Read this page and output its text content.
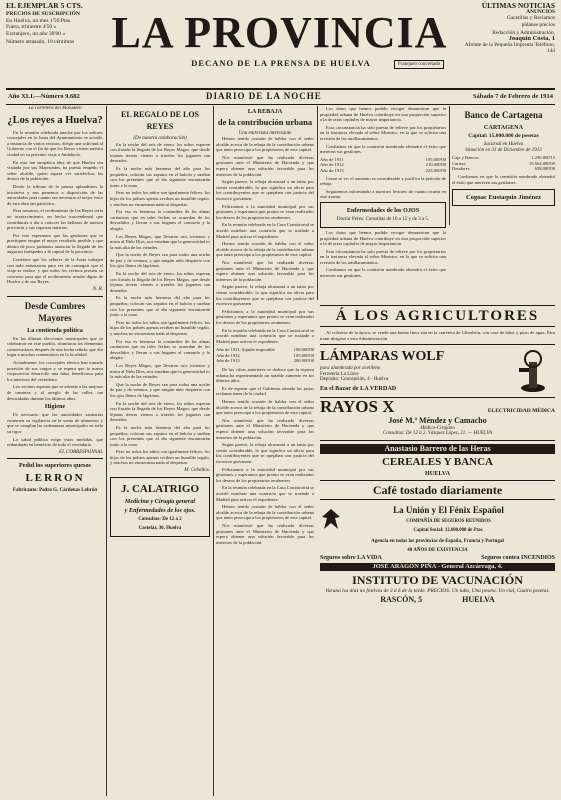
EL EJEMPLAR 5 CTS.
PRECIOS DE SUSCRIPCIÓN
En Huelva, un mes 1'50 Ptas.
Fuera, trimestre 4'50 »
Extranjero, un año 30'00 »
Número atrasado, 10 céntimos LA PROVINCIA
DECANO DE LA PRENSA DE HUELVA	Franqueo concertado
ÚLTIMAS NOTICIAS
ANUNCIOS
Gacetillas y Reclamos
pídanse precios
Redacción y Administración,
Joaquín Costa, 1
Afrente de la Pequeña Imprenta Teléfono, 144
Año XLI.—Número 9.682	DIARIO DE LA NOCHE	Sábado 7 de Febrero de 1914
La carretera del Matadero
¿Los reyes a Huelva?

En la reunión celebrada anoche por los señores concejales en la Junta del Ayuntamiento se acordó, a instancia de varios vecinos, dirigir una solicitud al Gobierno con el fin de que los Reyes visiten nuestra ciudad en su próximo viaje a Andalucía.

En esta tan simpática idea de que Huelva sea visitada por sus Majestades, ha puesto empeño el señor alcalde, quien espera ver satisfechos los deseos de la población.

Desde la tribuna de la prensa aplaudimos la iniciativa y nos ponemos a disposición de las autoridades para cuanto sea necesario al mejor éxito de esta obra tan patriótica.

Para nosotros, el recibimiento de los Reyes sería un acontecimiento, un hecho trascendental que contribuiría a dar a conocer las bellezas de nuestra provincia y sus riquezas mineras.

Por esto esperamos que las gestiones que se practiquen tengan el mejor resultado posible y que dentro de poco podamos anunciar la llegada de los augustos huéspedes a la capital de la provincia.

Conviene que los señores de la Junta trabajen con todo entusiasmo para ver de conseguir que el viaje se realice, y que todos los vecinos presten su concurso para que el recibimiento resulte digno de Huelva y de sus Reyes.

N. R.
Desde Cumbres Mayores
La contienda política

En las últimas elecciones municipales que se celebraron en este pueblo, triunfaron los elementos conservadores después de una lucha reñida, que dio lugar a muchos comentarios en la localidad.

Actualmente, los concejales electos han tomado posesión de sus cargos y se espera que la nueva corporación desarrolle una labor beneficiosa para los intereses del vecindario.

Los vecinos esperan que se atienda a las mejoras de caminos y al arreglo de las calles, tan descuidadas durante los últimos años.

Higiene

Es necesario que las autoridades sanitarias extremen su vigilancia en la venta de alimentos y que se cumplan las ordenanzas municipales en todo su rigor.

La salud pública exige estas medidas, que redundarán en beneficio de todo el vecindario.

EL CORRESPONSAL
Pedid los superiores quesos
LERRON
Fabricante: Pedro G. Cárdenas Lebrón
EL REGALO DE LOS REYES
(De nuestra colaboración)

En la noche del seis de enero, los niños esperan con ilusión la llegada de los Reyes Magos, que desde lejanas tierras vienen a traerles los juguetes tan deseados.

Es la noche más hermosa del año para los pequeños; colocan sus zapatos en el balcón y sueñan con los presentes que al día siguiente encontrarán junto a la cuna.

Pero no todos los niños son igualmente felices: los hijos de los pobres apenas reciben un humilde regalo, y muchos no encuentran nada al despertar.

Por eso es hermosa la costumbre de las almas caritativas que en tales fechas se acuerdan de los desvalidos y llevan a sus hogares el consuelo y la alegría.

Los Reyes Magos, que llevaron oro, incienso y mirra al Niño Dios, nos enseñan que la generosidad es la más alta de las virtudes.

Que la noche de Reyes sea para todos una noche de paz y de ventura, y que ningún niño despierte con los ojos llenos de lágrimas.

En la noche del seis de enero, los niños esperan con ilusión la llegada de los Reyes Magos, que desde lejanas tierras vienen a traerles los juguetes tan deseados.

Es la noche más hermosa del año para los pequeños; colocan sus zapatos en el balcón y sueñan con los presentes que al día siguiente encontrarán junto a la cuna.

Pero no todos los niños son igualmente felices: los hijos de los pobres apenas reciben un humilde regalo, y muchos no encuentran nada al despertar.

Por eso es hermosa la costumbre de las almas caritativas que en tales fechas se acuerdan de los desvalidos y llevan a sus hogares el consuelo y la alegría.

Los Reyes Magos, que llevaron oro, incienso y mirra al Niño Dios, nos enseñan que la generosidad es la más alta de las virtudes.

Que la noche de Reyes sea para todos una noche de paz y de ventura, y que ningún niño despierte con los ojos llenos de lágrimas.

En la noche del seis de enero, los niños esperan con ilusión la llegada de los Reyes Magos, que desde lejanas tierras vienen a traerles los juguetes tan deseados.

Es la noche más hermosa del año para los pequeños; colocan sus zapatos en el balcón y sueñan con los presentes que al día siguiente encontrarán junto a la cuna.

Pero no todos los niños son igualmente felices: los hijos de los pobres apenas reciben un humilde regalo, y muchos no encuentran nada al despertar.

M. Ceballos.
J. CALATRIGO
Medicina y Cirugía general
y Enfermedades de los ojos.
Consultas: De 12 á 2
Castelar, 30. Huelva
LA REBAJA
de la contribución urbana
Una entrevista interesante

Hemos tenido ocasión de hablar con el señor alcalde acerca de la rebaja de la contribución urbana que tanto preocupa a los propietarios de esta capital.

Nos manifestó que ha realizado diversas gestiones ante el Ministerio de Hacienda y que espera obtener una solución favorable para los intereses de la población.

Según parece, la rebaja alcanzará a un tanto por ciento considerable, lo que significa un alivio para los contribuyentes que se quejaban con justicia del excesivo gravamen.

Felicitamos a la autoridad municipal por sus gestiones y esperamos que pronto se vean realizados los deseos de los propietarios onubenses.

En la reunión celebrada en la Casa Consistorial se acordó nombrar una comisión que se traslade a Madrid para activar el expediente.

Hemos tenido ocasión de hablar con el señor alcalde acerca de la rebaja de la contribución urbana que tanto preocupa a los propietarios de esta capital.

Nos manifestó que ha realizado diversas gestiones ante el Ministerio de Hacienda y que espera obtener una solución favorable para los intereses de la población.

Según parece, la rebaja alcanzará a un tanto por ciento considerable, lo que significa un alivio para los contribuyentes que se quejaban con justicia del excesivo gravamen.

Felicitamos a la autoridad municipal por sus gestiones y esperamos que pronto se vean realizados los deseos de los propietarios onubenses.

En la reunión celebrada en la Casa Consistorial se acordó nombrar una comisión que se traslade a Madrid para activar el expediente.

Año de 1911, líquido imponible	190.000'00
Año de 1912	195.000'00
Año de 1913	200.000'00

De las cifras anteriores se deduce que la riqueza urbana ha experimentado un notable aumento en los últimos años.

Es de esperar que el Gobierno atienda las justas reclamaciones de la ciudad.

Hemos tenido ocasión de hablar con el señor alcalde acerca de la rebaja de la contribución urbana que tanto preocupa a los propietarios de esta capital.

Nos manifestó que ha realizado diversas gestiones ante el Ministerio de Hacienda y que espera obtener una solución favorable para los intereses de la población.

Según parece, la rebaja alcanzará a un tanto por ciento considerable, lo que significa un alivio para los contribuyentes que se quejaban con justicia del excesivo gravamen.

Felicitamos a la autoridad municipal por sus gestiones y esperamos que pronto se vean realizados los deseos de los propietarios onubenses.

En la reunión celebrada en la Casa Consistorial se acordó nombrar una comisión que se traslade a Madrid para activar el expediente.

Hemos tenido ocasión de hablar con el señor alcalde acerca de la rebaja de la contribución urbana que tanto preocupa a los propietarios de esta capital.

Nos manifestó que ha realizado diversas gestiones ante el Ministerio de Hacienda y que espera obtener una solución favorable para los intereses de la población.

Los datos que hemos podido recoger demuestran que la propiedad urbana de Huelva contribuye en una proporción superior a la de otras capitales de mayor importancia.

Esta circunstancia ha sido puesta de relieve por los propietarios en la instancia elevada al señor Ministro, en la que se solicita una revisión de los amillaramientos.

Confiamos en que la comisión nombrada obtendrá el éxito que merecen sus gestiones.

Año de 1911	195.000'00
Año de 1912	210.000'00
Año de 1913	225.000'00

Como se ve, el aumento es considerable y justifica la petición de rebaja.

Seguiremos informando a nuestros lectores de cuanto ocurra en este asunto.

Enfermedades de los OJOS
Doctor Pérez. Consultas de 10 a 12 y de 3 a 5.

Los datos que hemos podido recoger demuestran que la propiedad urbana de Huelva contribuye en una proporción superior a la de otras capitales de mayor importancia.

Esta circunstancia ha sido puesta de relieve por los propietarios en la instancia elevada al señor Ministro, en la que se solicita una revisión de los amillaramientos.

Confiamos en que la comisión nombrada obtendrá el éxito que merecen sus gestiones.

Banco de Cartagena
CARTAGENA
Capital: 15.000.000 de pesetas
Sucursal en Huelva
Situación en 31 de Diciembre de 1913
Caja y Bancos	1.290.000'15
Cartera	10.564.000'00
Deudores	658.000'00

Confiamos en que la comisión nombrada obtendrá el éxito que merecen sus gestiones.

Cognac Eustaquio Jiménez
Á LOS AGRICULTORES

Al volverse de la época, se vende una buena finca sita en la carretera de Gibraleón, con casa de labor y pozo de agua. Para tratar dirigirse a esta Administración.

LÁMPARAS WOLF
para alumbrado por acetileno
Ferretería La Llave
Depósito: Concepción, 4 - Huelva
En el Bazar de LA VERDAD
RAYOS X	ELECTRICIDAD MÉDICA
José M.ª Méndez y Camacho
Médico-Cirujano
Consultas: De 12 á 2. Vázquez López, 21. — HUELVA
Anastasio Barrero de las Heras
CEREALES Y BANCA
HUELVA
Café tostado diariamente
La Unión y El Fénix Español
COMPAÑÍA DE SEGUROS REUNIDOS
Capital Social: 12.000.000 de Ptas.
Agencia en todas las provincias de España, Francia y Portugal
40 AÑOS DE EXISTENCIA
Seguros sobre LA VIDA	Seguros contra INCENDIOS
JOSÉ ARAGÓN PIÑA - General Azcárraga, 4.
INSTITUTO DE VACUNACIÓN
Vacuna los días no festivos de 3 á 6 de la tarde. PRECIOS: Un tubo, Una peseta. Un vial, Cuatro pesetas.
RASCÓN, 5                    HUELVA
